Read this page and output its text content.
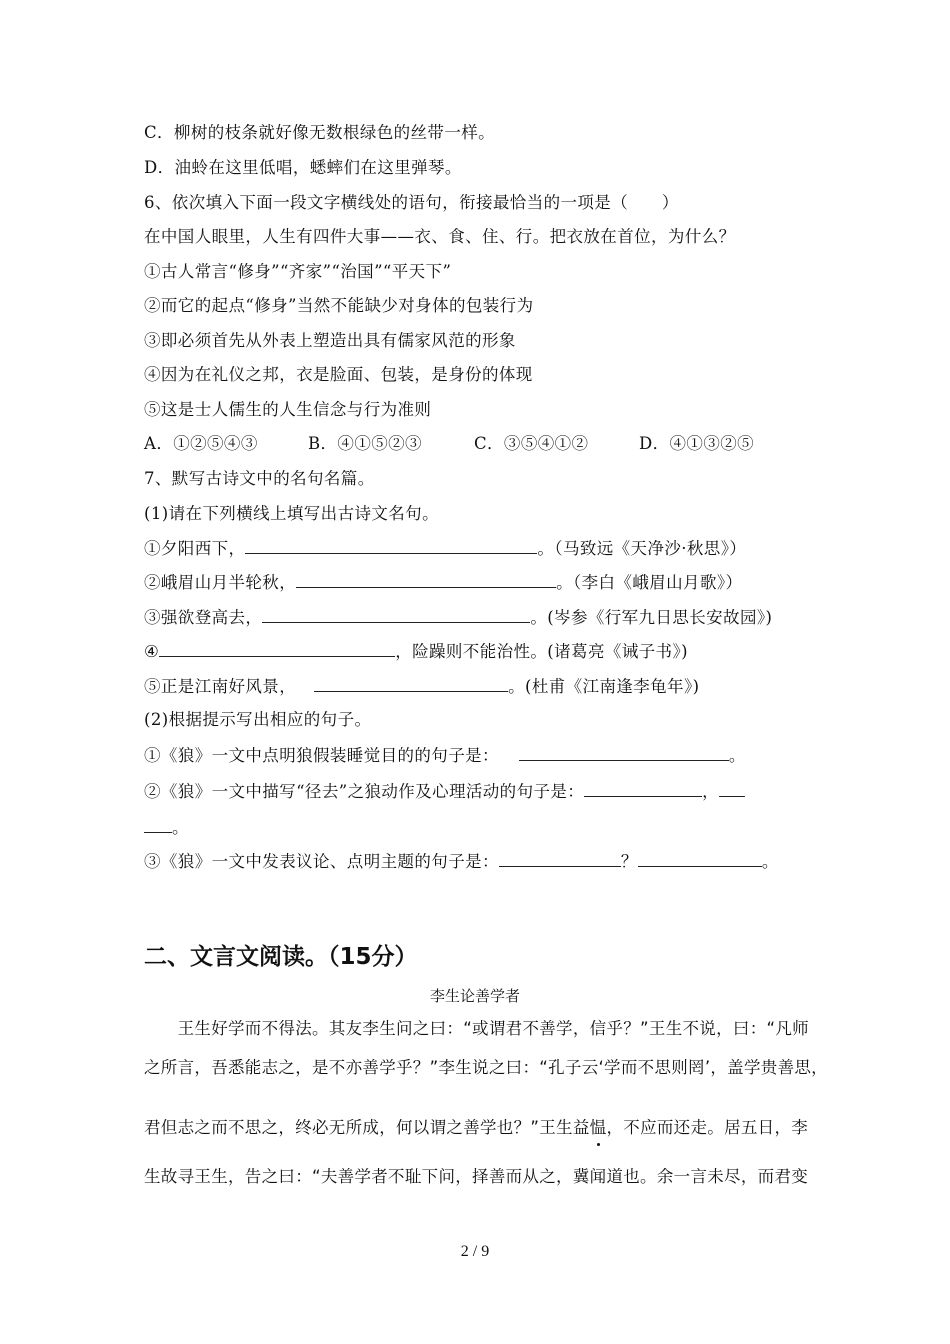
C．柳树的枝条就好像无数根绿色的丝带一样。
D．油蛉在这里低唱，蟋蟀们在这里弹琴。
6、依次填入下面一段文字横线处的语句，衔接最恰当的一项是（　　）
在中国人眼里，人生有四件大事——衣、食、住、行。把衣放在首位，为什么？
①古人常言“修身”“齐家”“治国”“平天下”
②而它的起点“修身”当然不能缺少对身体的包装行为
③即必须首先从外表上塑造出具有儒家风范的形象
④因为在礼仪之邦，衣是脸面、包装，是身份的体现
⑤这是士人儒生的人生信念与行为准则
A．①②⑤④③	B．④①⑤②③	C．③⑤④①②	D．④①③②⑤
7、默写古诗文中的名句名篇。
(1)请在下列横线上填写出古诗文名句。
①夕阳西下，	。（马致远《天净沙·秋思》）
②峨眉山月半轮秋，	。（李白《峨眉山月歌》）
③强欲登高去，	。(岑参《行军九日思长安故园》)
④	，险躁则不能治性。(诸葛亮《诫子书》)
⑤正是江南好风景，	。(杜甫《江南逢李龟年》)
(2)根据提示写出相应的句子。
①《狼》一文中点明狼假装睡觉目的的句子是：	。
②《狼》一文中描写“径去”之狼动作及心理活动的句子是：	，
。
③《狼》一文中发表议论、点明主题的句子是：	？	。
二、文言文阅读。（15分）
李生论善学者
　　王生好学而不得法。其友李生问之曰：“或谓君不善学，信乎？”王生不说，曰：“凡师
之所言，吾悉能志之，是不亦善学乎？”李生说之曰：“孔子云‘学而不思则罔’，盖学贵善思，
君但志之而不思之，终必无所成，何以谓之善学也？”王生益愠，不应而还走。居五日，李
生故寻王生，告之曰：“夫善学者不耻下问，择善而从之，冀闻道也。余一言未尽，而君变
2 / 9
